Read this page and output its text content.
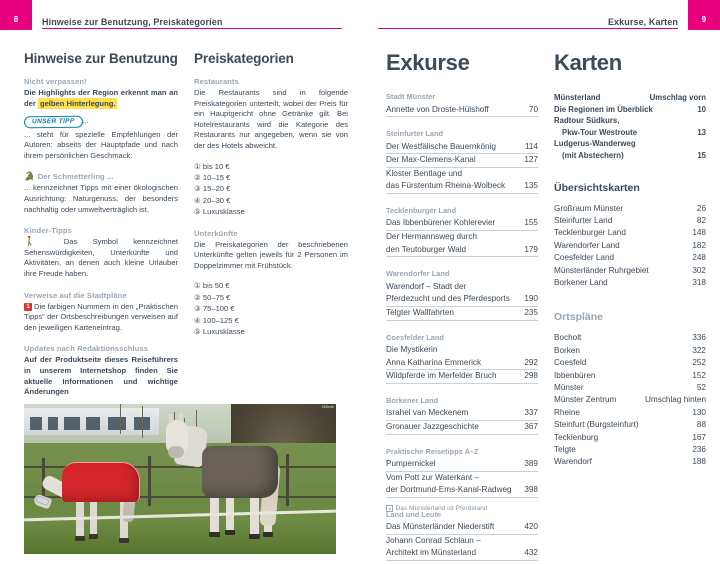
8	Hinweise zur Benutzung, Preiskategorien
Hinweise zur Benutzung
Nicht verpassen!

Die Highlights der Region erkennt man an der gelben Hinterlegung.

UNSER TIPP ...

... steht für spezielle Empfehlungen der Autoren: abseits der Hauptpfade und nach ihrem persönlichen Geschmack.

🐊 Der Schmetterling ...

... kennzeichnet Tipps mit einer ökologischen Ausrichtung: Naturgenuss, der besonders nachhaltig oder umweltverträglich ist.

Kinder-Tipps

🚶 Das Symbol kennzeichnet Sehenswürdigkeiten, Unterkünfte und Aktivitäten, an denen auch kleine Urlauber ihre Freude haben.

Verweise auf die Stadtpläne

1 Die farbigen Nummern in den „Praktischen Tipps“ der Ortsbeschreibungen verweisen auf den jeweiligen Karteneintrag.

Updates nach Redaktionsschluss

Auf der Produktseite dieses Reiseführers in unserem Internetshop finden Sie aktuelle Informationen und wichtige Änderungen

Preiskategorien
Restaurants

Die Restaurants sind in folgende Preiskategorien unterteilt, wobei der Preis für ein Hauptgericht ohne Getränke gilt. Bei Hotelrestaurants wird die Kategorie des Restaurants nur angegeben, wenn sie von der des Hotels abweicht.

① bis 10 €
② 10–15 €
③ 15–20 €
④ 20–30 €
⑤ Luxusklasse
Unterkünfte

Die Preiskategorien der beschriebenen Unterkünfte gelten jeweils für 2 Personen im Doppelzimmer mit Frühstück.

① bis 50 €
② 50–75 €
③ 75–100 €
④ 100–125 €
⑤ Luxusklasse
065mlb
9
Exkurse, Karten
Exkurse
Stadt Münster
Annette von Droste-Hülshoff	70
Steinfurter Land
Der Westfälische Bauernkönig	114
Der Max-Clemens-Kanal	127
Kloster Bentlage und
das Fürstentum Rheina-Wolbeck	135
Tecklenburger Land
Das Ibbenbürener Kohlerevier	155
Der Hermannsweg durch
den Teutoburger Wald	179
Warendorfer Land
Warendorf – Stadt der
Pferdezucht und des Pferdesports	190
Telgter Wallfahrten	235
Coesfelder Land
Die Mystikerin
Anna Katharina Emmerick	292
Wildpferde im Merfelder Bruch	298
Borkener Land
Israhel van Meckenem	337
Gronauer Jazzgeschichte	367
Praktische Reisetipps A–Z
Pumpernickel	389
Vom Pott zur Waterkant –
der Dortmund-Ems-Kanal-Radweg	398
Land und Leute
Das Münsterländer Niederstift	420
Johann Conrad Schlaun –
Architekt im Münsterland	432
Karten
Münsterland	Umschlag vorn
Die Regionen im Überblick	10
Radtour Südkurs,
Pkw-Tour Westroute	13
Ludgerus-Wanderweg
(mit Abstechern)	15
Übersichtskarten
Großraum Münster	26
Steinfurter Land	82
Tecklenburger Land	148
Warendorfer Land	182
Coesfelder Land	248
Münsterländer Ruhrgebiet	302
Borkener Land	318
Ortspläne
Bocholt	336
Borken	322
Coesfeld	252
Ibbenbüren	152
Münster	52
Münster Zentrum	Umschlag hinten
Rheine	130
Steinfurt (Burgsteinfurt)	88
Tecklenburg	167
Telgte	236
Warendorf	188
Das Münsterland ist Pferdeland
